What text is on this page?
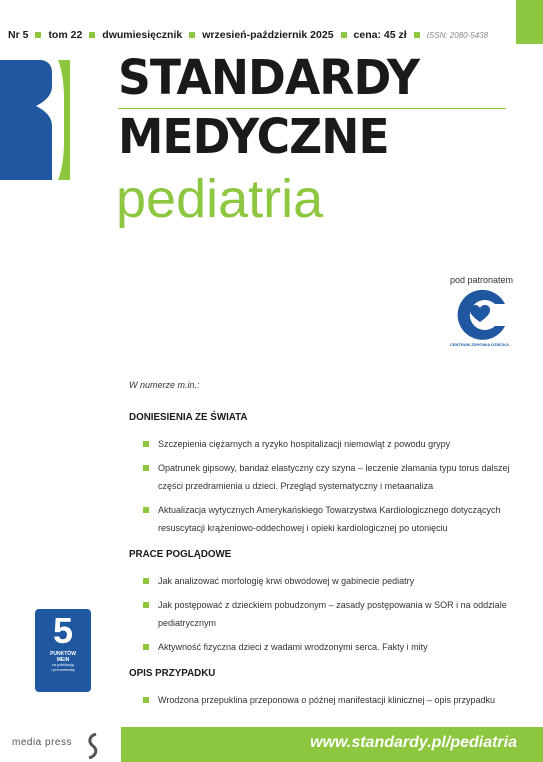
Nr 5 tom 22 dwumiesięcznik wrzesień-październik 2025 cena: 45 zł	ISSN: 2080-5438
STANDARDY
MEDYCZNE
pediatria
pod patronatem
CENTRUM ZDROWIA DZIECKA
W numerze m.in.:
DONIESIENIA ZE ŚWIATA
Szczepienia ciężarnych a ryzyko hospitalizacji niemowląt z powodu grypy
Opatrunek gipsowy, bandaż elastyczny czy szyna – leczenie złamania typu torus dalszej części przedramienia u dzieci. Przegląd systematyczny i metaanaliza
Aktualizacja wytycznych Amerykańskiego Towarzystwa Kardiologicznego dotyczących resuscytacji krążeniowo-oddechowej i opieki kardiologicznej po utonięciu
PRACE POGLĄDOWE
Jak analizować morfologię krwi obwodowej w gabinecie pediatry
Jak postępować z dzieckiem pobudzonym – zasady postępowania w SOR i na oddziale pediatrycznym
Aktywność fizyczna dzieci z wadami wrodzonymi serca. Fakty i mity
OPIS PRZYPADKU
Wrodzona przepuklina przeponowa o późnej manifestacji klinicznej – opis przypadku
5
PUNKTÓW
MEiN
za publikację
i prenumeratę
media press	www.standardy.pl/pediatria
